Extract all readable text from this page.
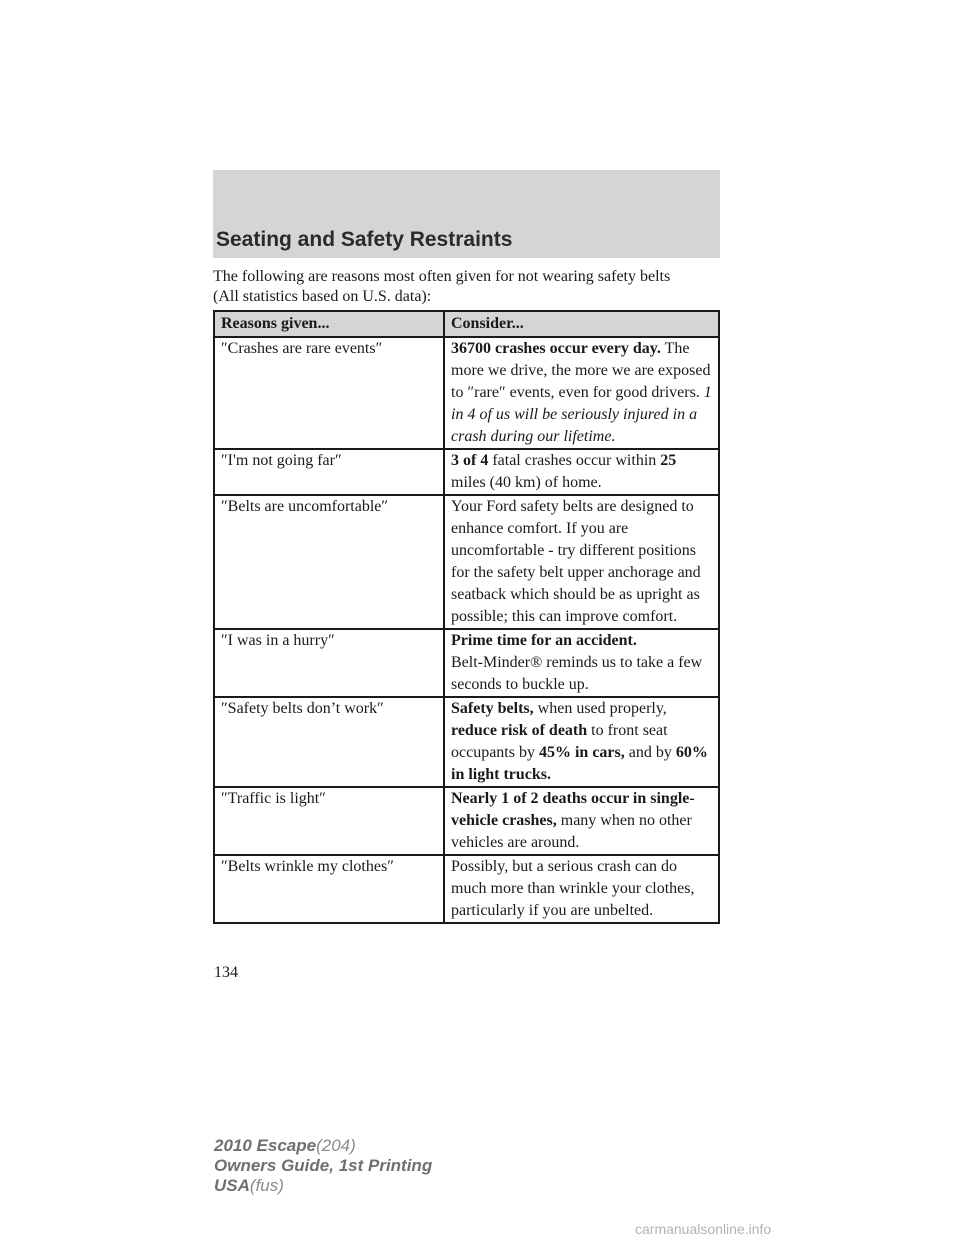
Seating and Safety Restraints

The following are reasons most often given for not wearing safety belts

(All statistics based on U.S. data):

Reasons given...	Consider...
″Crashes are rare events″	36700 crashes occur every day. The more we drive, the more we are exposed to ″rare″ events, even for good drivers. 1 in 4 of us will be seriously injured in a crash during our lifetime.
″I'm not going far″	3 of 4 fatal crashes occur within 25 miles (40 km) of home.
″Belts are uncomfortable″	Your Ford safety belts are designed to enhance comfort. If you are uncomfortable - try different positions for the safety belt upper anchorage and seatback which should be as upright as possible; this can improve comfort.
″I was in a hurry″	Prime time for an accident.
Belt-Minder® reminds us to take a few seconds to buckle up.

″Safety belts don’t work″	Safety belts, when used properly, reduce risk of death to front seat occupants by 45% in cars, and by 60% in light trucks.
″Traffic is light″	Nearly 1 of 2 deaths occur in single-vehicle crashes, many when no other vehicles are around.
″Belts wrinkle my clothes″	Possibly, but a serious crash can do much more than wrinkle your clothes, particularly if you are unbelted.
134
2010 Escape(204)
Owners Guide, 1st Printing
USA(fus)
carmanualsonline.info
